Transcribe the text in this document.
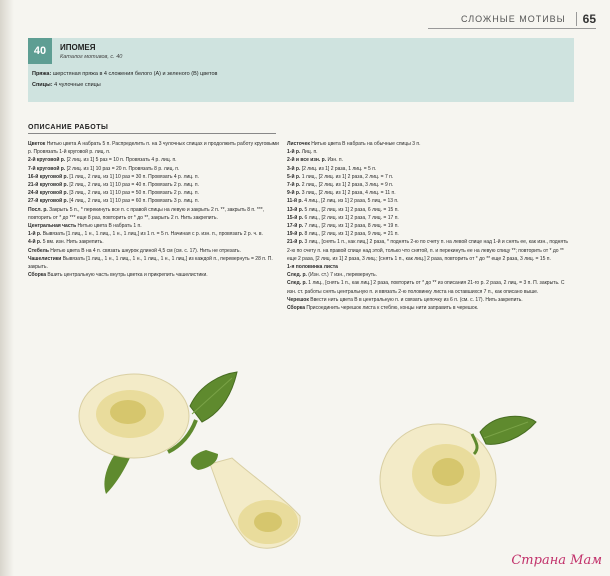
СЛОЖНЫЕ МОТИВЫ	65
40	ИПОМЕЯ
Каталог мотивов, с. 40
Пряжа: шерстяная пряжа в 4 сложения белого (А) и зеленого (В) цветов
Спицы: 4 чулочные спицы
ОПИСАНИЕ РАБОТЫ

Цветок Нитью цвета А набрать 5 п. Распределить п. на 3 чулочных спицах и продолжить работу круговыми р. Провязать 1-й круговой р. лиц. п.

2-й круговой р. [2 лиц. из 1] 5 раз = 10 п. Провязать 4 р. лиц. п.

7-й круговой р. [2 лиц. из 1] 10 раз = 20 п. Провязать 8 р. лиц. п.

16-й круговой р. [1 лиц., 2 лиц. из 1] 10 раз = 30 п. Провязать 4 р. лиц. п.

21-й круговой р. [2 лиц., 2 лиц. из 1] 10 раз = 40 п. Провязать 2 р. лиц. п.

24-й круговой р. [3 лиц., 2 лиц. из 1] 10 раз = 50 п. Провязать 2 р. лиц. п.

27-й круговой р. [4 лиц., 2 лиц. из 1] 10 раз = 60 п. Провязать 3 р. лиц. п.

Посл. р. Закрыть 5 п., * перекинуть все п. с правой спицы на левую и закрыть 2 п. **, закрыть 8 п. ***, повторить от * до *** еще 8 раз, повторить от * до **, закрыть 2 п. Нить закрепить.

Центральная часть Нитью цвета В набрать 1 п.

1-й р. Вывязать [1 лиц., 1 н., 1 лиц., 1 н., 1 лиц.] из 1 п. = 5 п. Начиная с р. изн. п., провязать 2 р. ч. в.

4-й р. 5 вм. изн. Нить закрепить.

Стебель Нитью цвета В на 4 п. связать шнурок длиной 4,5 см (см. с. 17). Нить не отрезать.

Чашелистики Вывязать [1 лиц., 1 н., 1 лиц., 1 н., 1 лиц., 1 н., 1 лиц.] из каждой п., перевернуть = 28 п. П. закрыть.

Сборка Вшить центральную часть внутрь цветка и прикрепить чашелистики.

Листочек Нитью цвета В набрать на обычные спицы 3 п.

1-й р. Лиц. п.

2-й и все изн. р. Изн. п.

3-й р. [2 лиц. из 1] 2 раза, 1 лиц. = 5 п.

5-й р. 1 лиц., [2 лиц. из 1] 2 раза, 2 лиц. = 7 п.

7-й р. 2 лиц., [2 лиц. из 1] 2 раза, 3 лиц. = 9 п.

9-й р. 3 лиц., [2 лиц. из 1] 2 раза, 4 лиц. = 11 п.

11-й р. 4 лиц., [2 лиц. из 1] 2 раза, 5 лиц. = 13 п.

13-й р. 5 лиц., [2 лиц. из 1] 2 раза, 6 лиц. = 15 п.

15-й р. 6 лиц., [2 лиц. из 1] 2 раза, 7 лиц. = 17 п.

17-й р. 7 лиц., [2 лиц. из 1] 2 раза, 8 лиц. = 19 п.

19-й р. 8 лиц., [2 лиц. из 1] 2 раза, 9 лиц. = 21 п.

21-й р. 3 лиц., [снять 1 п., как лиц.] 2 раза, * поднять 2-ю по счету п. на левой спице над 1-й и снять ее, как изн., поднять 2-ю по счету п. на правой спице над этой, только что снятой, п. и перекинуть ее на левую спицу **; повторить от * до ** еще 2 раза, [2 лиц. из 1] 2 раза, 3 лиц.; [снять 1 п., как лиц.] 2 раза, повторить от * до ** еще 2 раза, 3 лиц. = 15 п.

1-я половинка листа

След. р. (Изн. ст.) 7 изн., перевернуть.

След. р. 1 лиц., [снять 1 п., как лиц.] 2 раза, повторить от * до ** из описания 21-го р. 2 раза, 2 лиц. = 3 п. П. закрыть. С изн. ст. работы снять центральную п. и ввязать 2-ю половинку листа на оставшихся 7 п., как описано выше.

Черешок Ввести нить цвета В в центральную п. и связать цепочку из 6 п. (см. с. 17). Нить закрепить.

Сборка Присоединить черешок листа к стеблю, концы нити заправить в черешок.

Страна Мам
